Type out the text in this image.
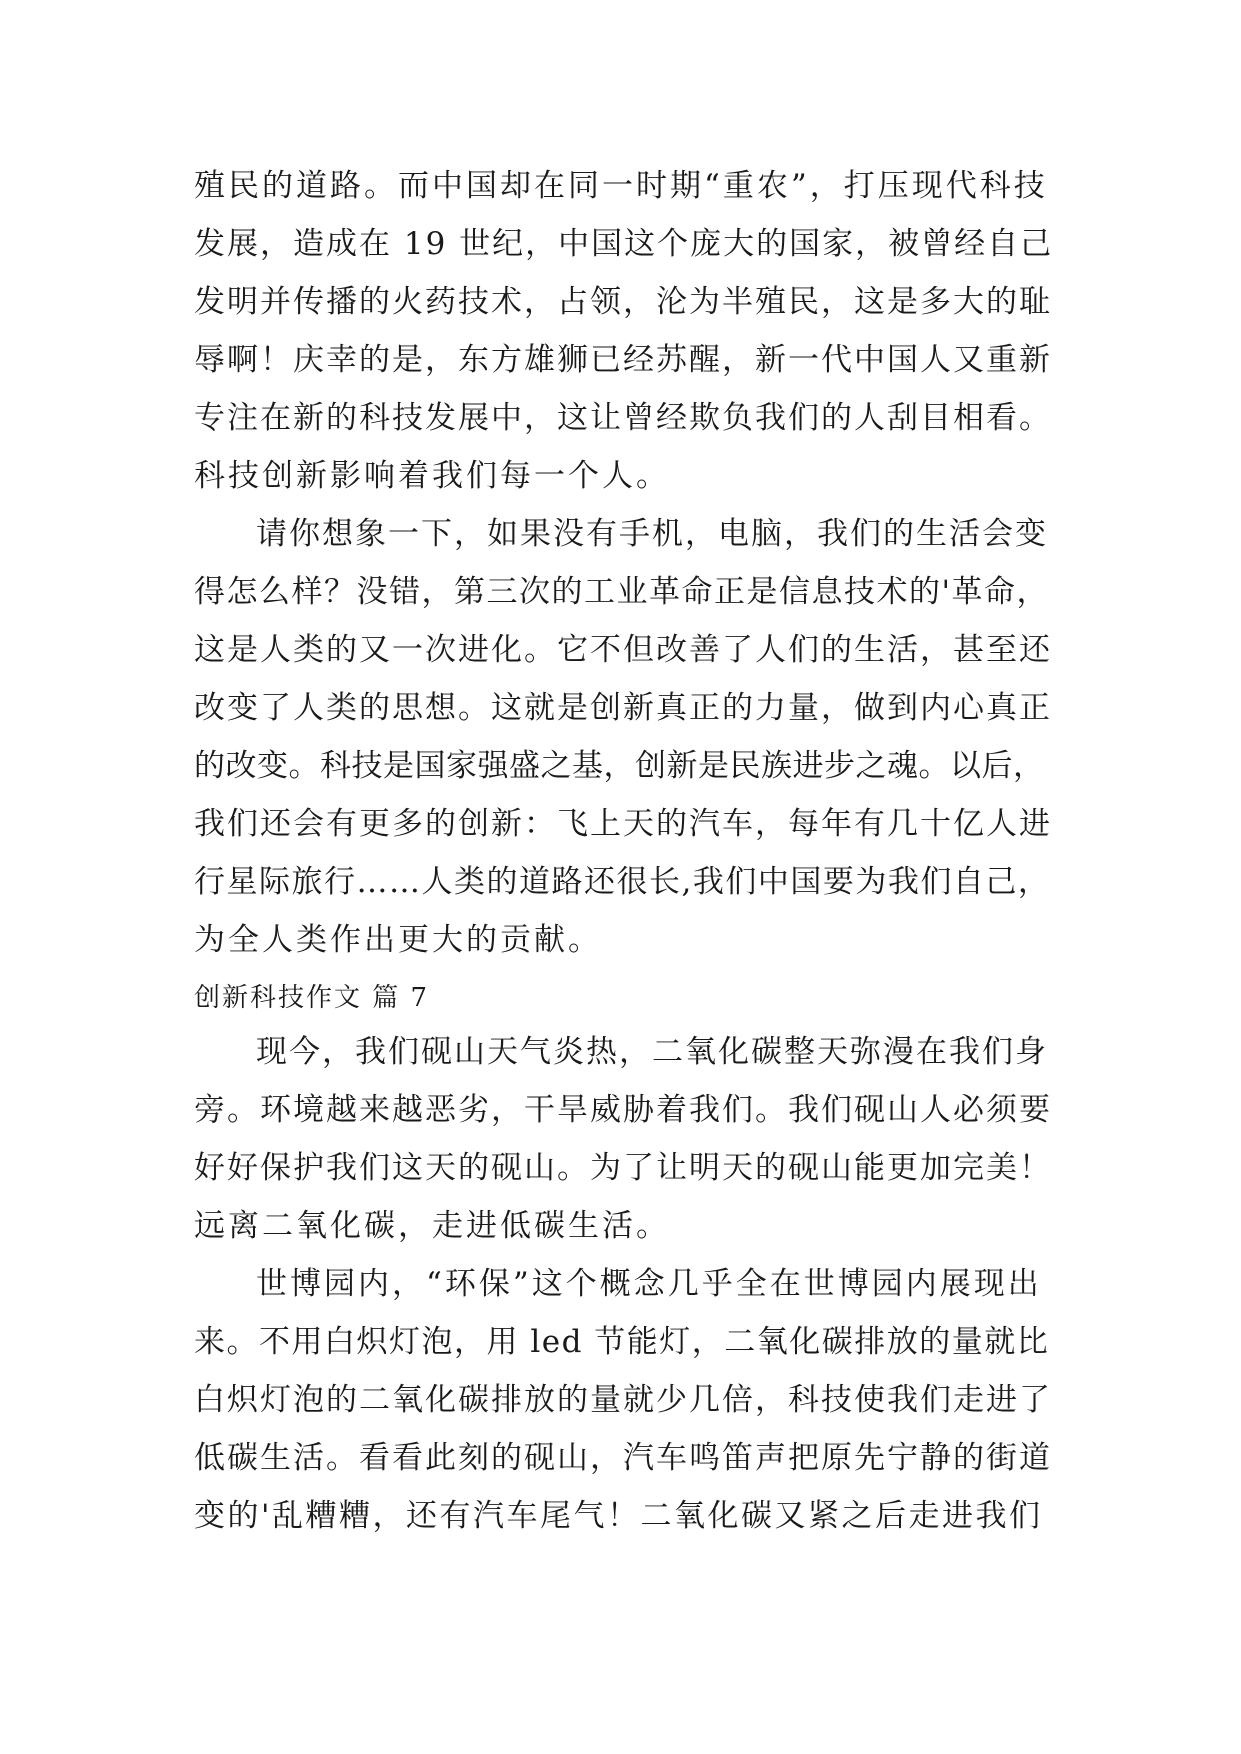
殖民的道路。而中国却在同一时期“重农”，打压现代科技
发展，造成在 19 世纪，中国这个庞大的国家，被曾经自己
发明并传播的火药技术，占领，沦为半殖民，这是多大的耻
辱啊！庆幸的是，东方雄狮已经苏醒，新一代中国人又重新
专注在新的科技发展中，这让曾经欺负我们的人刮目相看。
科技创新影响着我们每一个人。
请你想象一下，如果没有手机，电脑，我们的生活会变
得怎么样？没错，第三次的工业革命正是信息技术的'革命，
这是人类的又一次进化。它不但改善了人们的生活，甚至还
改变了人类的思想。这就是创新真正的力量，做到内心真正
的改变。科技是国家强盛之基，创新是民族进步之魂。以后，
我们还会有更多的创新：飞上天的汽车，每年有几十亿人进
行星际旅行……人类的道路还很长,我们中国要为我们自己，
为全人类作出更大的贡献。
创新科技作文 篇 7
现今，我们砚山天气炎热，二氧化碳整天弥漫在我们身
旁。环境越来越恶劣，干旱威胁着我们。我们砚山人必须要
好好保护我们这天的砚山。为了让明天的砚山能更加完美！
远离二氧化碳，走进低碳生活。
世博园内，“环保”这个概念几乎全在世博园内展现出
来。不用白炽灯泡，用 led 节能灯，二氧化碳排放的量就比
白炽灯泡的二氧化碳排放的量就少几倍，科技使我们走进了
低碳生活。看看此刻的砚山，汽车鸣笛声把原先宁静的街道
变的'乱糟糟，还有汽车尾气！二氧化碳又紧之后走进我们
